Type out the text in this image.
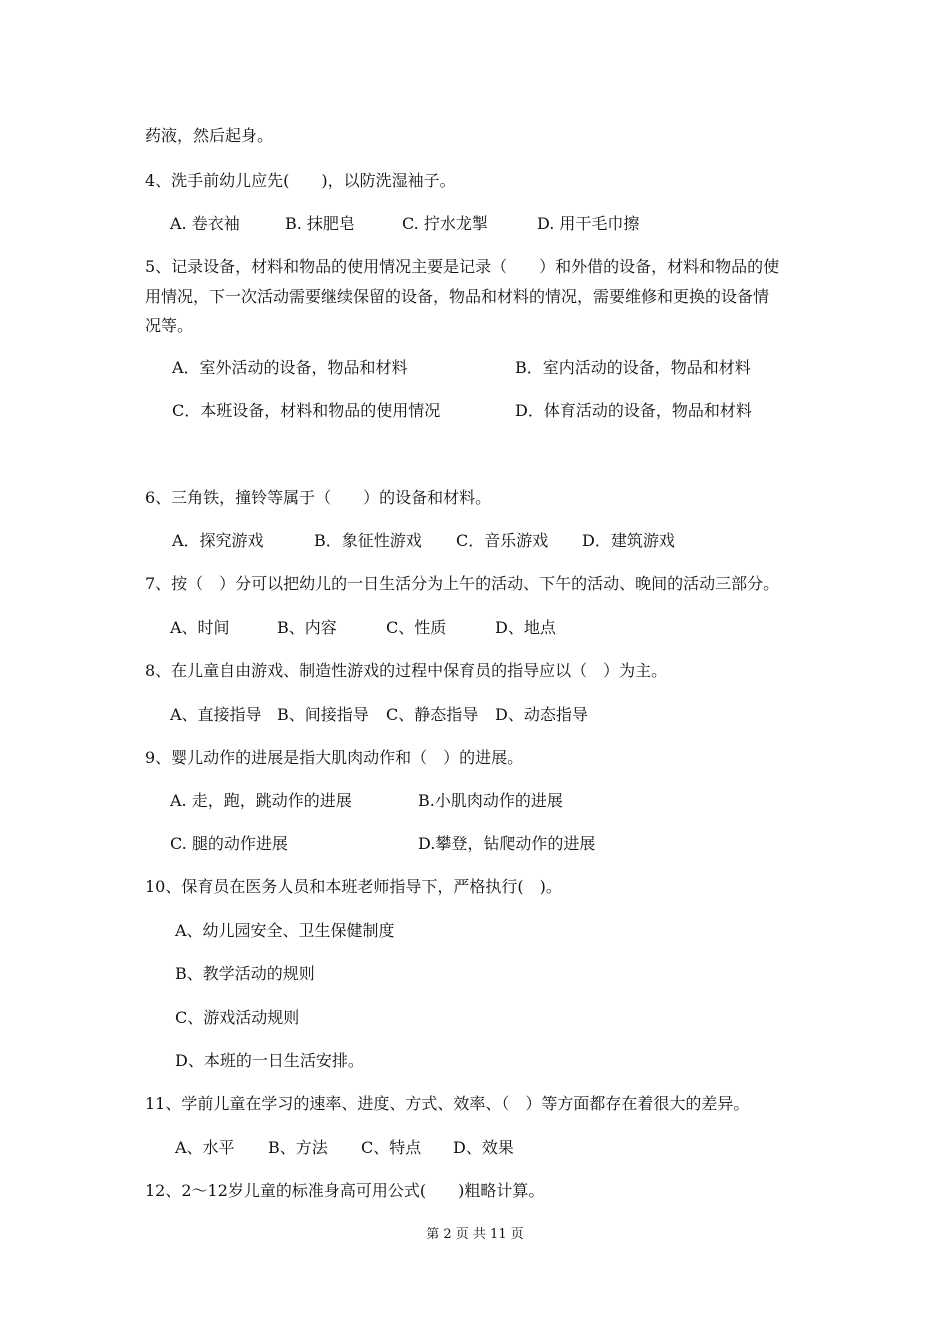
药液，然后起身。
4、洗手前幼儿应先(　　)，以防洗湿袖子。
A. 卷衣袖	B. 抹肥皂	C. 拧水龙掣	D. 用干毛巾擦
5、记录设备，材料和物品的使用情况主要是记录（　　）和外借的设备，材料和物品的使
用情况，下一次活动需要继续保留的设备，物品和材料的情况，需要维修和更换的设备情
况等。
A．室外活动的设备，物品和材料	B．室内活动的设备，物品和材料
C．本班设备，材料和物品的使用情况	D．体育活动的设备，物品和材料
6、三角铁，撞铃等属于（　　）的设备和材料。
A．探究游戏	B．象征性游戏 C．音乐游戏 D．建筑游戏
7、按（　）分可以把幼儿的一日生活分为上午的活动、下午的活动、晚间的活动三部分。
A、时间	B、内容	C、性质	D、地点
8、在儿童自由游戏、制造性游戏的过程中保育员的指导应以（　）为主。
A、直接指导 B、间接指导 C、静态指导 D、动态指导
9、婴儿动作的进展是指大肌肉动作和（　）的进展。
A. 走，跑，跳动作的进展	B.小肌肉动作的进展
C. 腿的动作进展	D.攀登，钻爬动作的进展
10、保育员在医务人员和本班老师指导下，严格执行(　)。
A、幼儿园安全、卫生保健制度
B、教学活动的规则
C、游戏活动规则
D、本班的一日生活安排。
11、学前儿童在学习的速率、进度、方式、效率、（　）等方面都存在着很大的差异。
A、水平 B、方法 C、特点 D、效果
12、2～12岁儿童的标准身高可用公式(　　)粗略计算。
第 2 页 共 11 页
